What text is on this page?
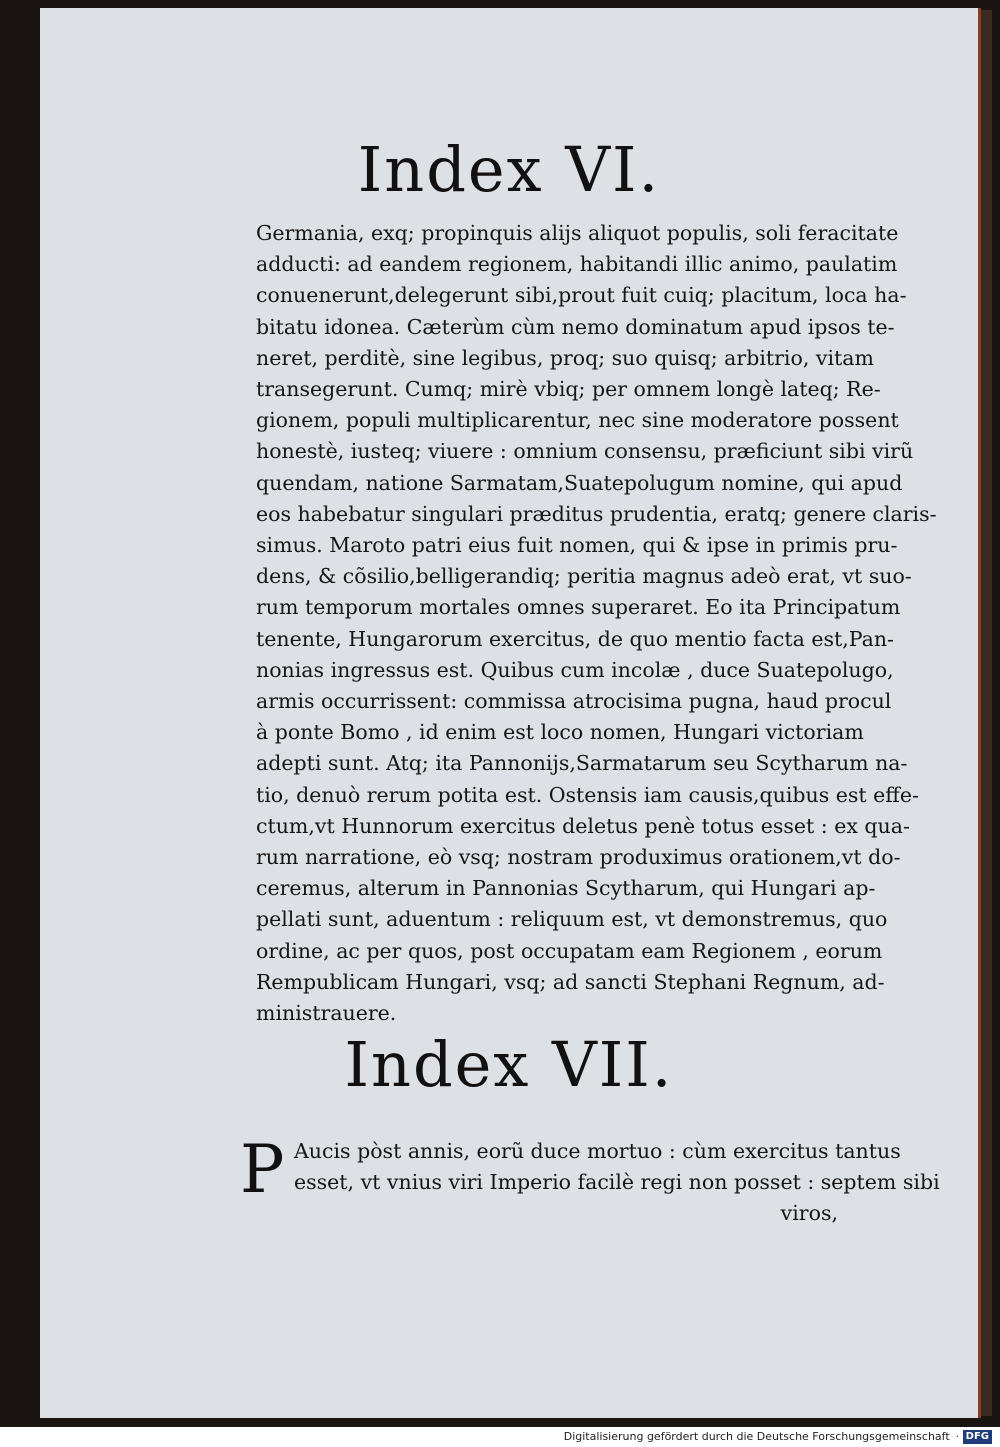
Index VI.
Germania, exq; propinquis alijs aliquot populis, soli feracitate
adducti: ad eandem regionem, habitandi illic animo, paulatim
conuenerunt,delegerunt sibi,prout fuit cuiq; placitum, loca ha-
bitatu idonea. Cæterùm cùm nemo dominatum apud ipsos te-
neret, perditè, sine legibus, proq; suo quisq; arbitrio, vitam
transegerunt. Cumq; mirè vbiq; per omnem longè lateq; Re-
gionem, populi multiplicarentur, nec sine moderatore possent
honestè, iusteq; viuere : omnium consensu, præficiunt sibi virũ
quendam, natione Sarmatam,Suatepolugum nomine, qui apud
eos habebatur singulari præditus prudentia, eratq; genere claris-
simus. Maroto patri eius fuit nomen, qui & ipse in primis pru-
dens, & cõsilio,belligerandiq; peritia magnus adeò erat, vt suo-
rum temporum mortales omnes superaret. Eo ita Principatum
tenente, Hungarorum exercitus, de quo mentio facta est,Pan-
nonias ingressus est. Quibus cum incolæ , duce Suatepolugo,
armis occurrissent: commissa atrocisima pugna, haud procul
à ponte Bomo , id enim est loco nomen, Hungari victoriam
adepti sunt. Atq; ita Pannonijs,Sarmatarum seu Scytharum na-
tio, denuò rerum potita est. Ostensis iam causis,quibus est effe-
ctum,vt Hunnorum exercitus deletus penè totus esset : ex qua-
rum narratione, eò vsq; nostram produximus orationem,vt do-
ceremus, alterum in Pannonias Scytharum, qui Hungari ap-
pellati sunt, aduentum : reliquum est, vt demonstremus, quo
ordine, ac per quos, post occupatam eam Regionem , eorum
Rempublicam Hungari, vsq; ad sancti Stephani Regnum, ad-
ministrauere.
Index VII.
P Aucis pòst annis, eorũ duce mortuo : cùm exercitus tantus
esset, vt vnius viri Imperio facilè regi non posset : septem sibi
viros,
Digitalisierung gefördert durch die Deutsche Forschungsgemeinschaft · DFG
